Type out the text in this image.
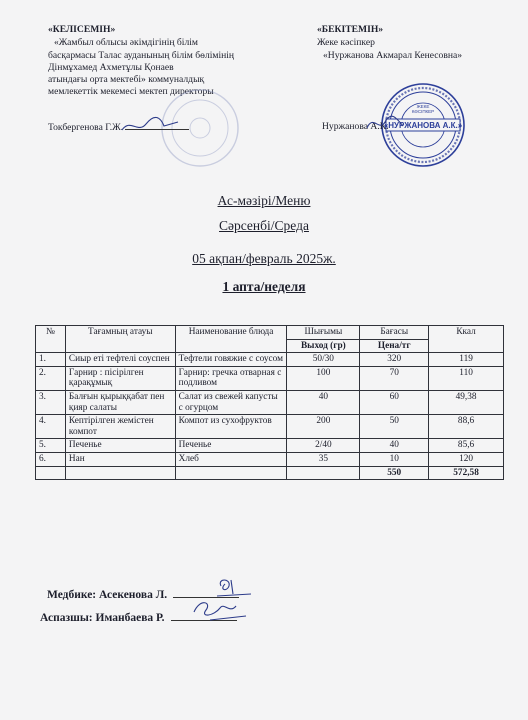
«КЕЛІСЕМІН»
«Жамбыл облысы әкімдігінің білім
басқармасы Талас ауданының білім бөлімінің
Дінмұхамед Ахметұлы Қонаев
атындағы орта мектебі» коммуналдық
мемлекеттік мекемесі мектеп директоры
«БЕКІТЕМІН»
Жеке кәсіпкер
«Нуржанова Акмарал Кенесовна»
Токбергенова Г.Ж.
ЖЕКЕ
КӘСІПКЕР
«НУРЖАНОВА А.К.»
Нуржанова А.К.
Ас-мәзірі/Меню
Сәрсенбі/Среда
05 ақпан/февраль 2025ж.
1 апта/неделя
№	Тағамның атауы	Наименование блюда	Шығымы	Бағасы	Ккал
			Выход (гр)	Цена/тг	
1.	Сиыр еті тефтелі соуспен	Тефтели говяжие с соусом	50/30	320	119
2.	Гарнир : пісірілген қарақұмық	Гарнир: гречка отварная с подливом	100	70	110
3.	Балғын қырыққабат пен қияр салаты	Салат из свежей капусты с огурцом	40	60	49,38
4.	Кептірілген жемістен компот	Компот из сухофруктов	200	50	88,6
5.	Печенье	Печенье	2/40	40	85,6
6.	Нан	Хлеб	35	10	120
				550	572,58
Медбике: Асекенова Л.
Аспазшы: Иманбаева Р.
